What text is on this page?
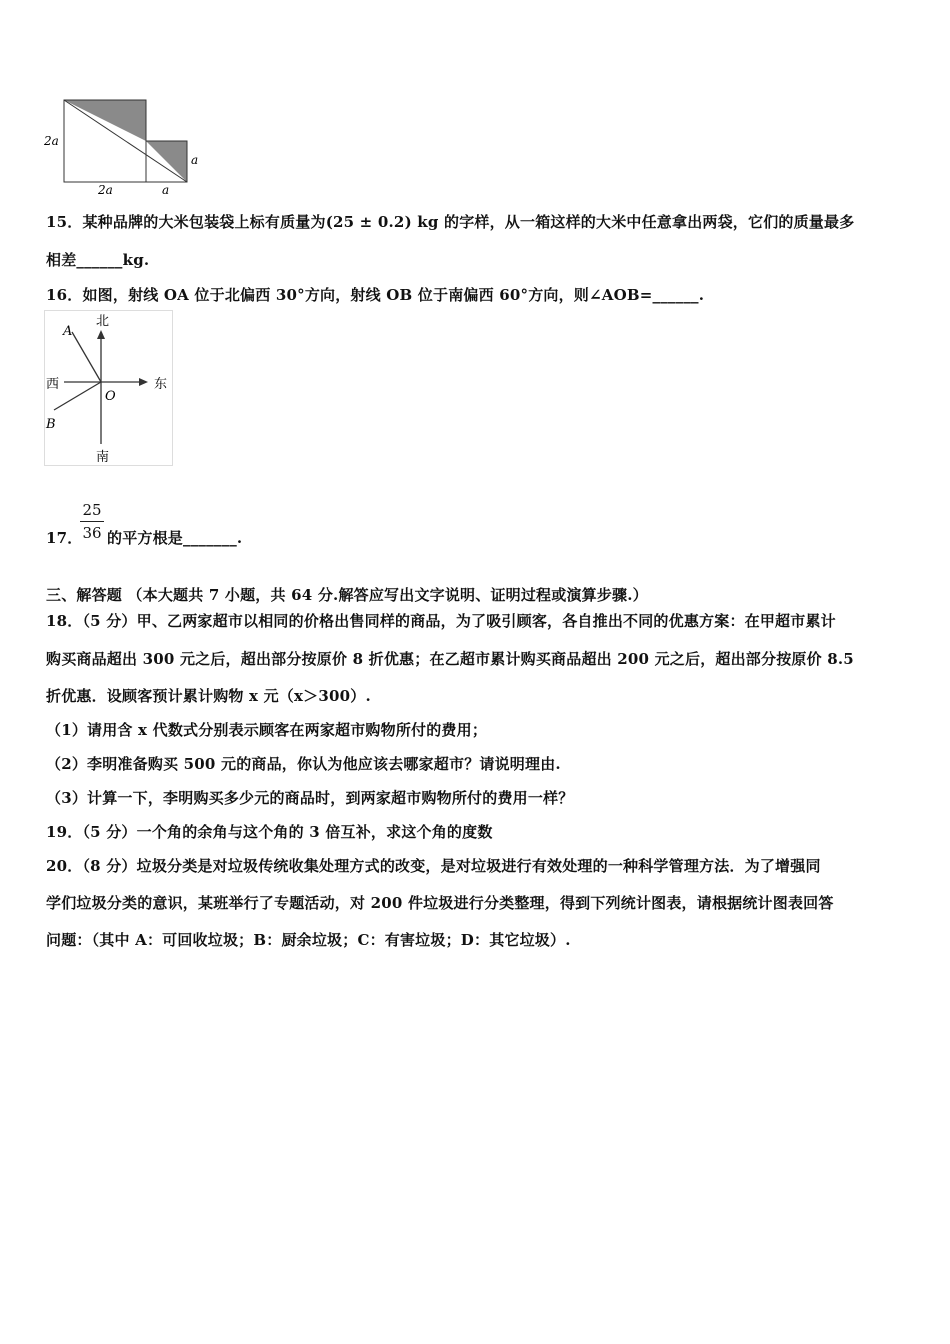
2a
2a	a
a
15．某种品牌的大米包装袋上标有质量为(25 ± 0.2) kg 的字样，从一箱这样的大米中任意拿出两袋，它们的质量最多
相差______kg.
16．如图，射线 OA 位于北偏西 30°方向，射线 OB 位于南偏西 60°方向，则∠AOB=______.
北
南
西	东
A
B
O
25
36
17． 的平方根是_______.
三、解答题 （本大题共 7 小题，共 64 分.解答应写出文字说明、证明过程或演算步骤.）
18．（5 分）甲、乙两家超市以相同的价格出售同样的商品，为了吸引顾客，各自推出不同的优惠方案：在甲超市累计
购买商品超出 300 元之后，超出部分按原价 8 折优惠；在乙超市累计购买商品超出 200 元之后，超出部分按原价 8.5
折优惠．设顾客预计累计购物 x 元（x＞300）.
（1）请用含 x 代数式分别表示顾客在两家超市购物所付的费用；
（2）李明准备购买 500 元的商品，你认为他应该去哪家超市？请说明理由.
（3）计算一下，李明购买多少元的商品时，到两家超市购物所付的费用一样？
19．（5 分）一个角的余角与这个角的 3 倍互补，求这个角的度数
20．（8 分）垃圾分类是对垃圾传统收集处理方式的改变，是对垃圾进行有效处理的一种科学管理方法．为了增强同
学们垃圾分类的意识，某班举行了专题活动，对 200 件垃圾进行分类整理，得到下列统计图表，请根据统计图表回答
问题：（其中 A：可回收垃圾；B：厨余垃圾；C：有害垃圾；D：其它垃圾）.
